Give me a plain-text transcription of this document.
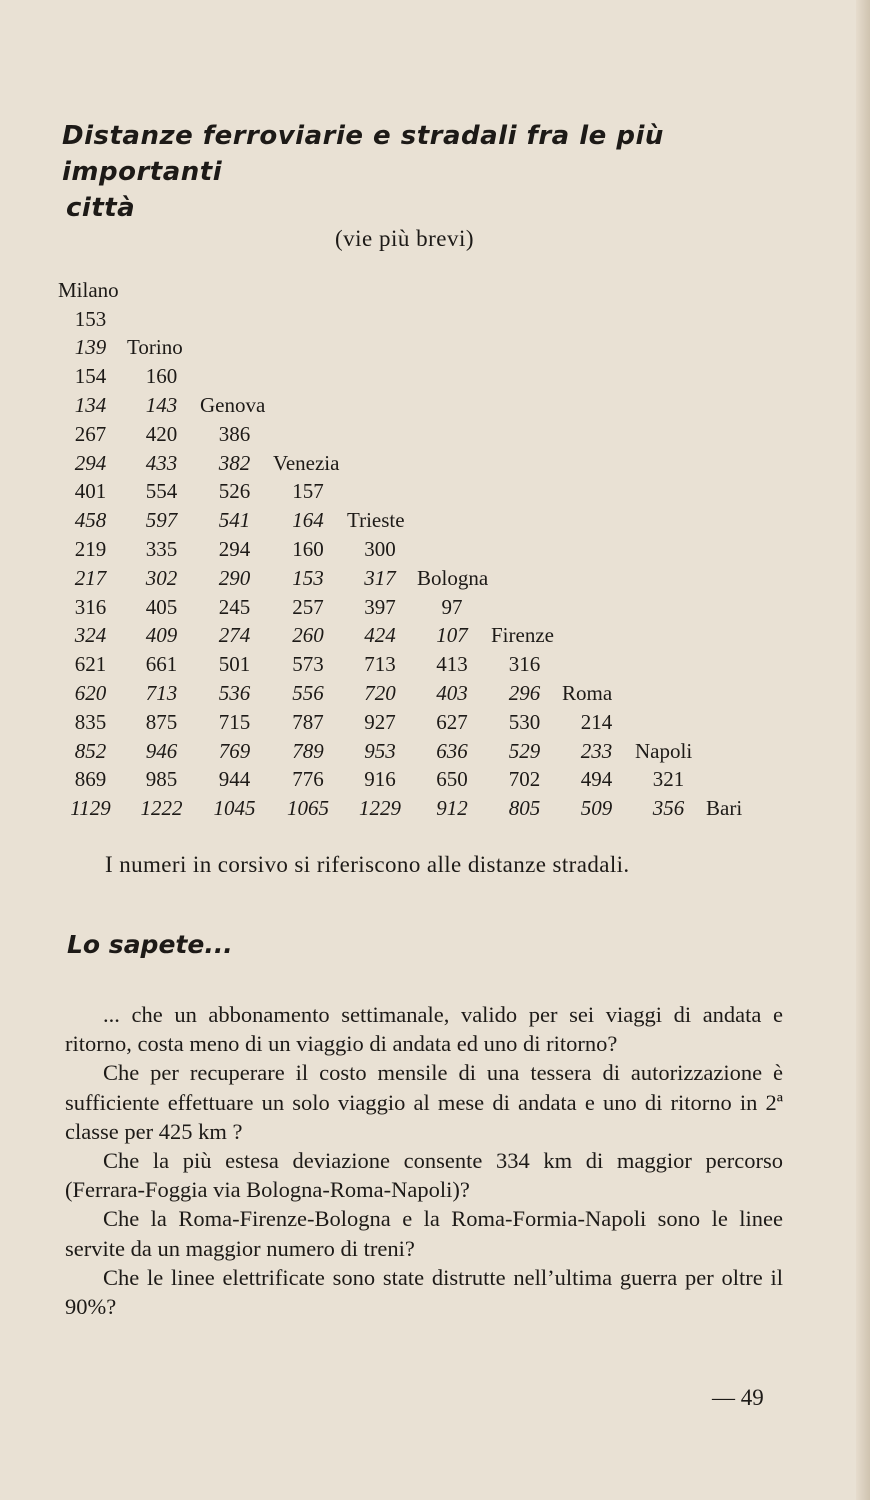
Distanze ferroviarie e stradali fra le più importanti
città
(vie più brevi)
Milano									
153									
139	Torino								
154	160								
134	143	Genova							
267	420	386							
294	433	382	Venezia						
401	554	526	157						
458	597	541	164	Trieste					
219	335	294	160	300					
217	302	290	153	317	Bologna				
316	405	245	257	397	97				
324	409	274	260	424	107	Firenze			
621	661	501	573	713	413	316			
620	713	536	556	720	403	296	Roma		
835	875	715	787	927	627	530	214		
852	946	769	789	953	636	529	233	Napoli	
869	985	944	776	916	650	702	494	321	
1129	1222	1045	1065	1229	912	805	509	356	Bari
I numeri in corsivo si riferiscono alle distanze stradali.
Lo sapete...

... che un abbonamento settimanale, valido per sei viaggi di andata e ritorno, costa meno di un viaggio di andata ed uno di ritorno?

Che per recuperare il costo mensile di una tessera di autorizzazione è sufficiente effettuare un solo viaggio al mese di andata e uno di ritorno in 2ª classe per 425 km ?

Che la più estesa deviazione consente 334 km di maggior percorso (Ferrara-Foggia via Bologna-Roma-Napoli)?

Che la Roma-Firenze-Bologna e la Roma-Formia-Napoli sono le linee servite da un maggior numero di treni?

Che le linee elettrificate sono state distrutte nell’ultima guerra per oltre il 90%?

— 49
